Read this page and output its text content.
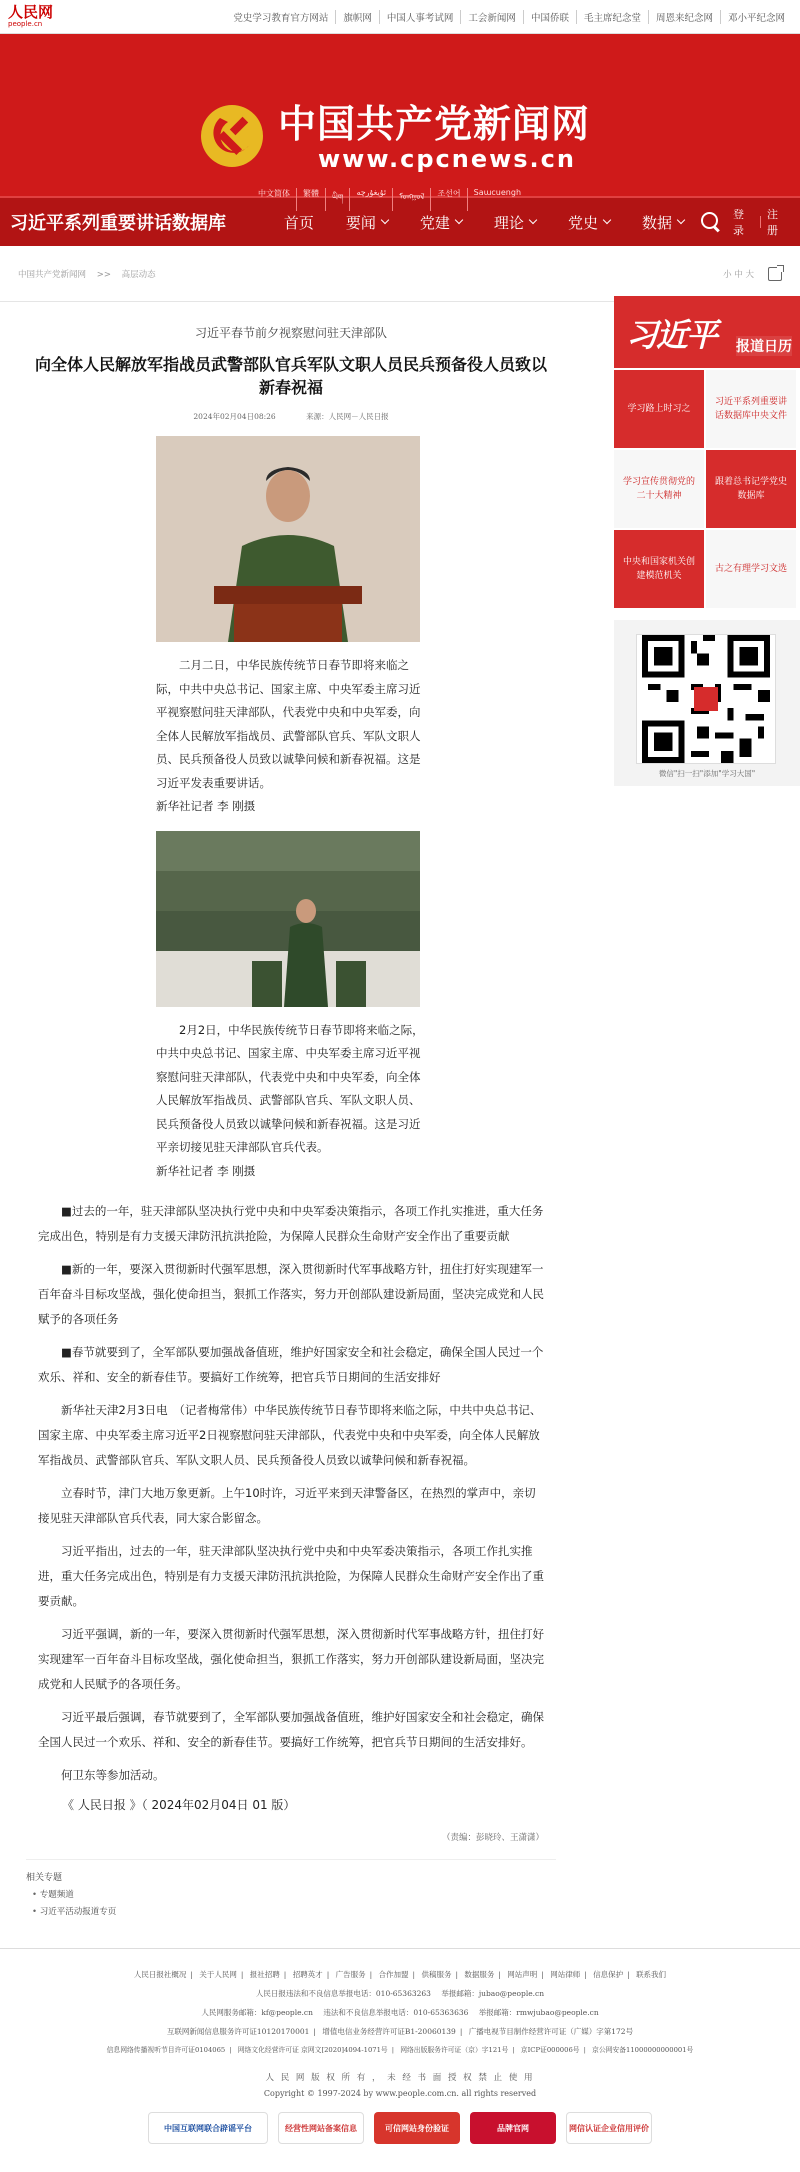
人民网
people.cn
党史学习教育官方网站	旗帜网	中国人事考试网	工会新闻网	中国侨联	毛主席纪念堂	周恩来纪念网	邓小平纪念网
中国共产党新闻网
www.cpcnews.cn
中文简体	繁體	ཡིག
ئۇيغۇرچە	ᠮᠣᠩᠭᠣᠯ	조선어	Saɯcuengh
习近平系列重要讲话数据库	首页 要闻	党建	理论	党史	数据	登录
注册
中国共产党新闻网 >> 高层动态	小 中 大
习近平春节前夕视察慰问驻天津部队
向全体人民解放军指战员武警部队官兵军队文职人员民兵预备役人员致以新春祝福
2024年02月04日08:26	来源：人民网－人民日报

二月二日，中华民族传统节日春节即将来临之际，中共中央总书记、国家主席、中央军委主席习近平视察慰问驻天津部队，代表党中央和中央军委，向全体人民解放军指战员、武警部队官兵、军队文职人员、民兵预备役人员致以诚挚问候和新春祝福。这是习近平发表重要讲话。

新华社记者 李 刚摄

2月2日，中华民族传统节日春节即将来临之际，中共中央总书记、国家主席、中央军委主席习近平视察慰问驻天津部队，代表党中央和中央军委，向全体人民解放军指战员、武警部队官兵、军队文职人员、民兵预备役人员致以诚挚问候和新春祝福。这是习近平亲切接见驻天津部队官兵代表。

新华社记者 李 刚摄

■过去的一年，驻天津部队坚决执行党中央和中央军委决策指示，各项工作扎实推进，重大任务完成出色，特别是有力支援天津防汛抗洪抢险，为保障人民群众生命财产安全作出了重要贡献

■新的一年，要深入贯彻新时代强军思想，深入贯彻新时代军事战略方针，扭住打好实现建军一百年奋斗目标攻坚战，强化使命担当，狠抓工作落实，努力开创部队建设新局面，坚决完成党和人民赋予的各项任务

■春节就要到了，全军部队要加强战备值班，维护好国家安全和社会稳定，确保全国人民过一个欢乐、祥和、安全的新春佳节。要搞好工作统筹，把官兵节日期间的生活安排好

新华社天津2月3日电　（记者梅常伟）中华民族传统节日春节即将来临之际，中共中央总书记、国家主席、中央军委主席习近平2日视察慰问驻天津部队，代表党中央和中央军委，向全体人民解放军指战员、武警部队官兵、军队文职人员、民兵预备役人员致以诚挚问候和新春祝福。

立春时节，津门大地万象更新。上午10时许，习近平来到天津警备区，在热烈的掌声中，亲切接见驻天津部队官兵代表，同大家合影留念。

习近平指出，过去的一年，驻天津部队坚决执行党中央和中央军委决策指示，各项工作扎实推进，重大任务完成出色，特别是有力支援天津防汛抗洪抢险，为保障人民群众生命财产安全作出了重要贡献。

习近平强调，新的一年，要深入贯彻新时代强军思想，深入贯彻新时代军事战略方针，扭住打好实现建军一百年奋斗目标攻坚战，强化使命担当，狠抓工作落实，努力开创部队建设新局面，坚决完成党和人民赋予的各项任务。

习近平最后强调，春节就要到了，全军部队要加强战备值班，维护好国家安全和社会稳定，确保全国人民过一个欢乐、祥和、安全的新春佳节。要搞好工作统筹，把官兵节日期间的生活安排好。

何卫东等参加活动。

《 人民日报 》（ 2024年02月04日 01 版）

（责编：彭晓玲、王潇潇）

相关专题
• 专题频道
• 习近平活动报道专页
习近平 报道日历
学习路上时习之
习近平系列重要讲话数据库中央文件
学习宣传贯彻党的二十大精神
跟着总书记学党史数据库
中央和国家机关创建模范机关
古之有理学习文选
微信"扫一扫"添加"学习大国"
人民日报社概况 | 关于人民网 | 报社招聘 | 招聘英才 | 广告服务 | 合作加盟 | 供稿服务 | 数据服务 | 网站声明 | 网站律师 | 信息保护 | 联系我们
人民日报违法和不良信息举报电话：010-65363263 举报邮箱：jubao@people.cn
人民网服务邮箱：kf@people.cn 违法和不良信息举报电话：010-65363636 举报邮箱：rmwjubao@people.cn
互联网新闻信息服务许可证10120170001 | 增值电信业务经营许可证B1-20060139 | 广播电视节目制作经营许可证（广媒）字第172号
信息网络传播视听节目许可证0104065 | 网络文化经营许可证 京网文[2020]4094-1071号 | 网络出版服务许可证（京）字121号 | 京ICP证000006号 | 京公网安备11000000000001号
人 民 网 版 权 所 有 ， 未 经 书 面 授 权 禁 止 使 用
Copyright © 1997-2024 by www.people.com.cn. all rights reserved
中国互联网联合辟谣平台	经营性网站备案信息	可信网站身份验证	品牌官网	网信认证企业信用评价
